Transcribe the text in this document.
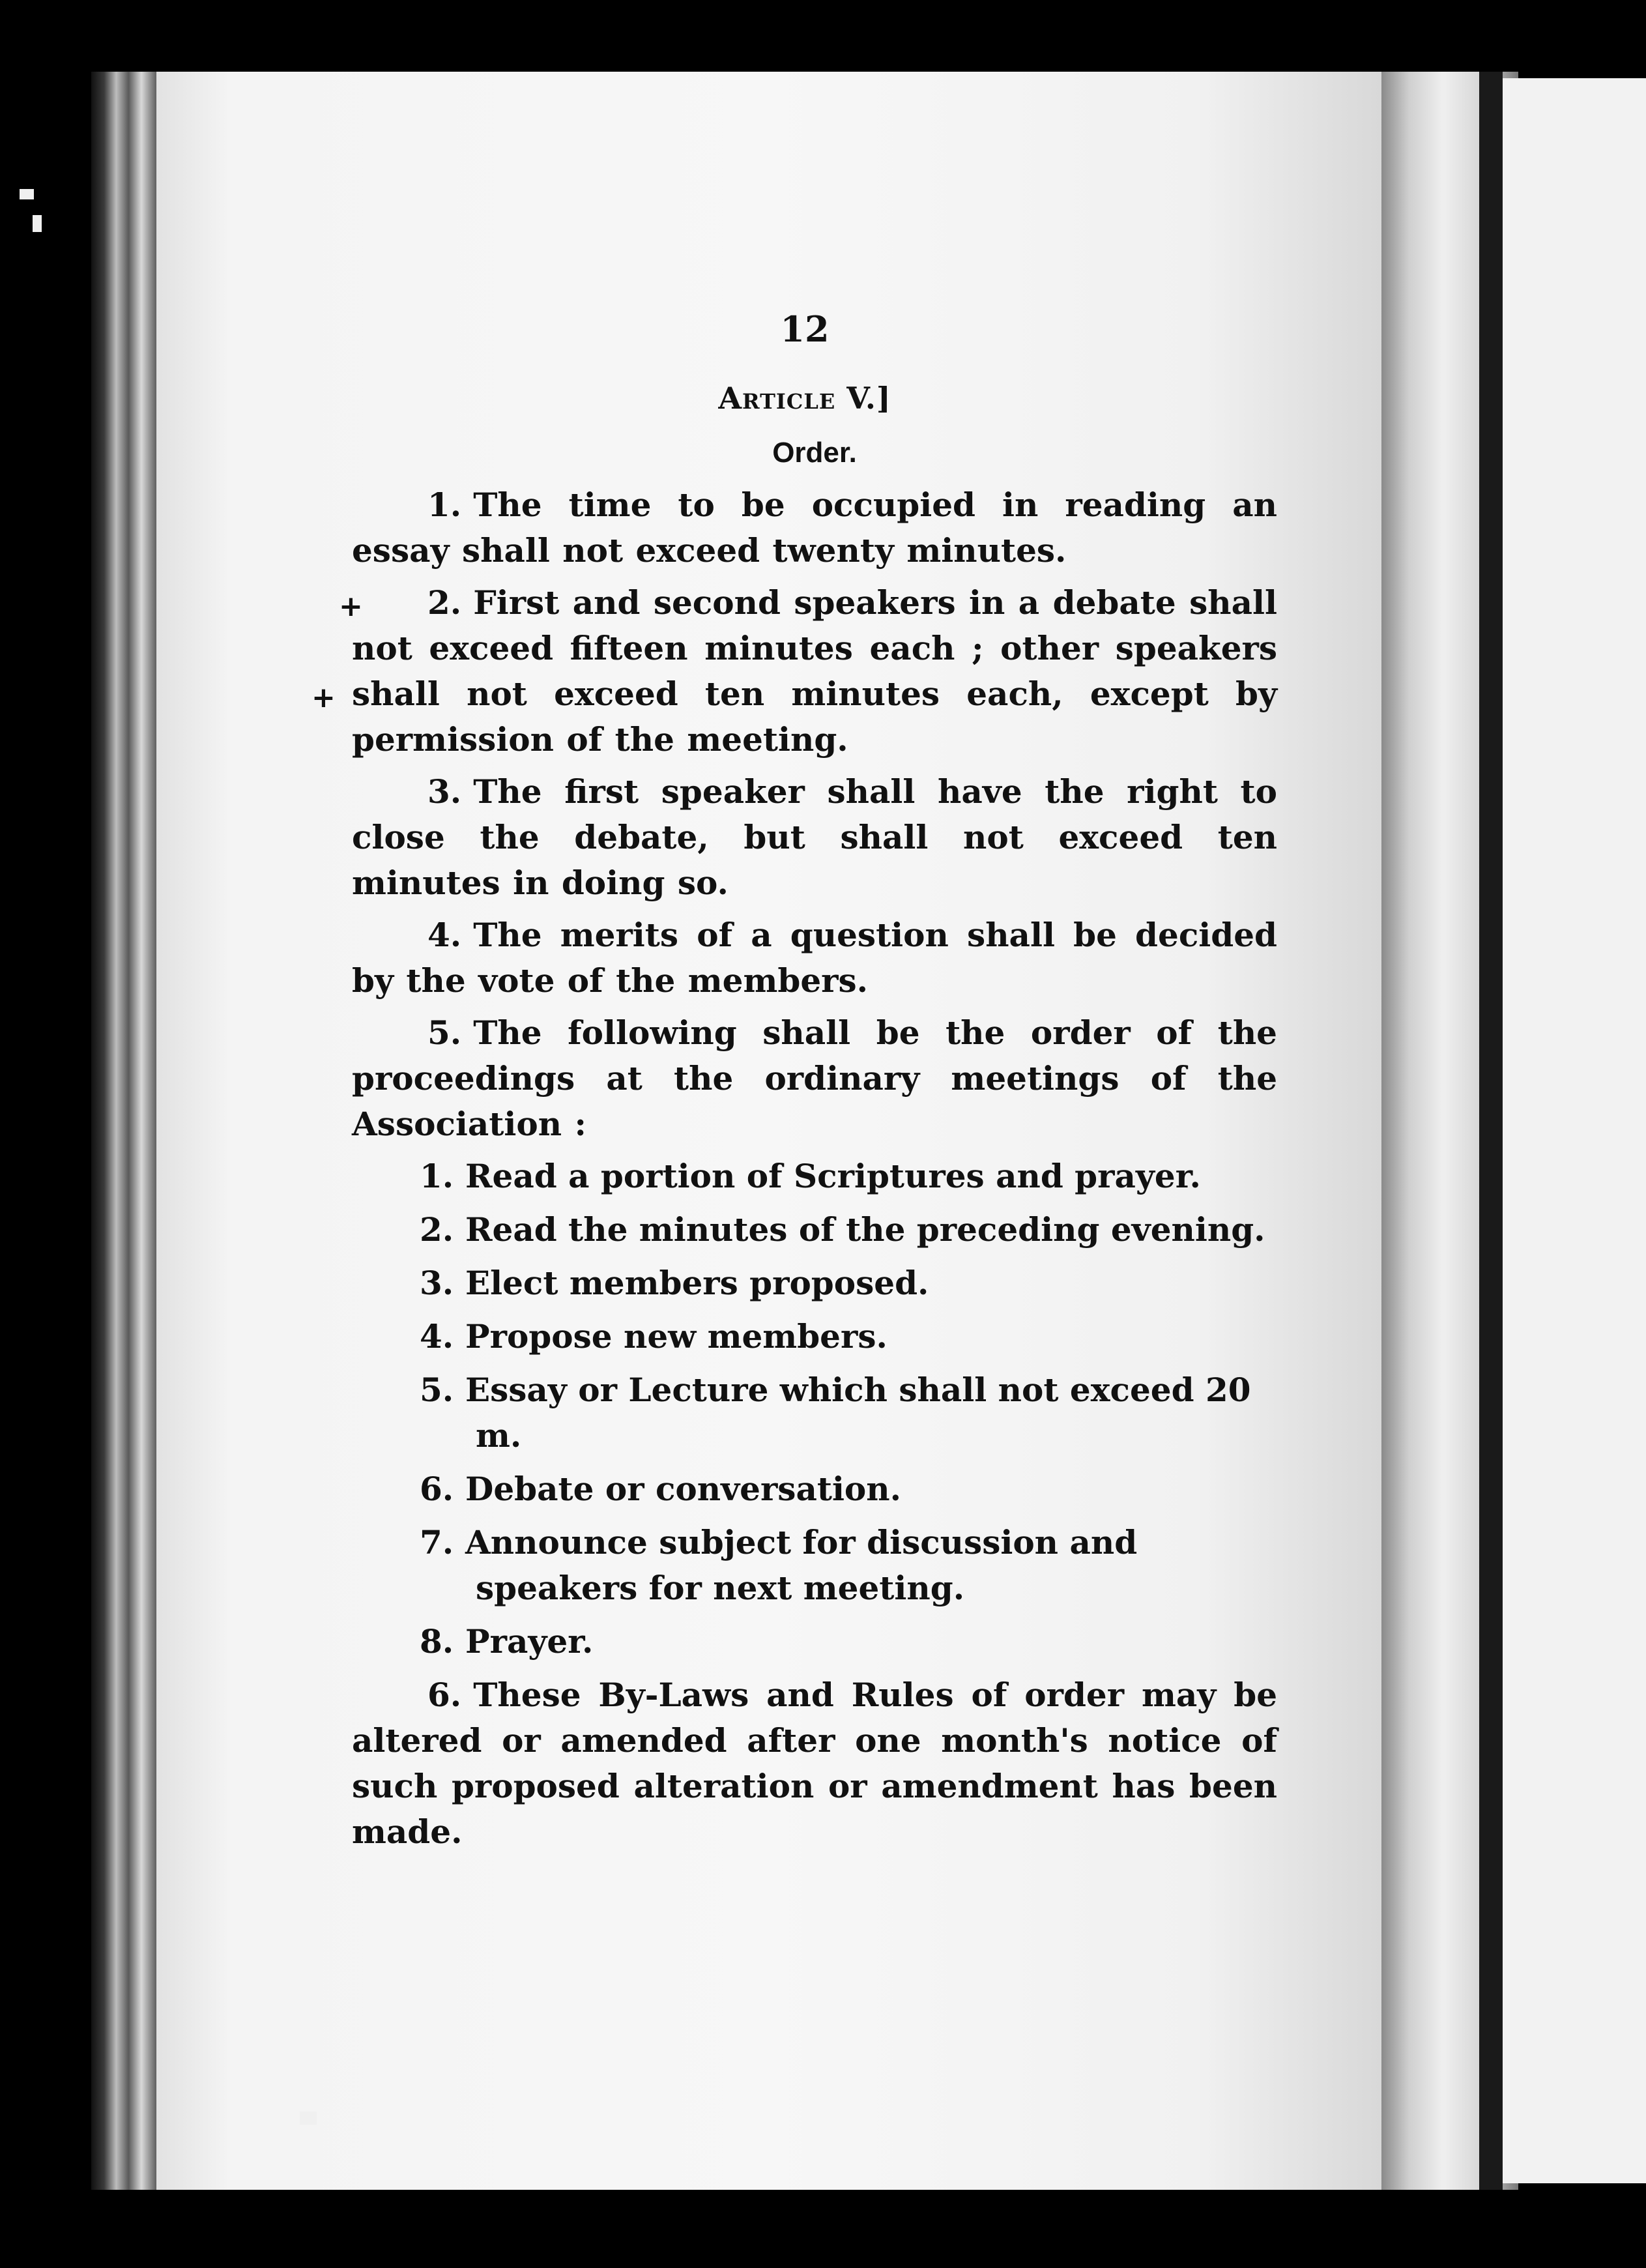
+
+
12
Article V.]
Order.

1. The time to be occupied in reading an essay shall not exceed twenty minutes.

2. First and second speakers in a debate shall not exceed fifteen minutes each ; other speakers shall not exceed ten minutes each, except by permission of the meeting.

3. The first speaker shall have the right to close the debate, but shall not exceed ten minutes in doing so.

4. The merits of a question shall be decided by the vote of the members.

5. The following shall be the order of the proceedings at the ordinary meetings of the Association :

1. Read a portion of Scriptures and prayer.
2. Read the minutes of the preceding evening.
3. Elect members proposed.
4. Propose new members.
5. Essay or Lecture which shall not exceed 20 m.
6. Debate or conversation.
7. Announce subject for discussion and speakers for next meeting.
8. Prayer.

6. These By-Laws and Rules of order may be altered or amended after one month's notice of such proposed alteration or amendment has been made.
